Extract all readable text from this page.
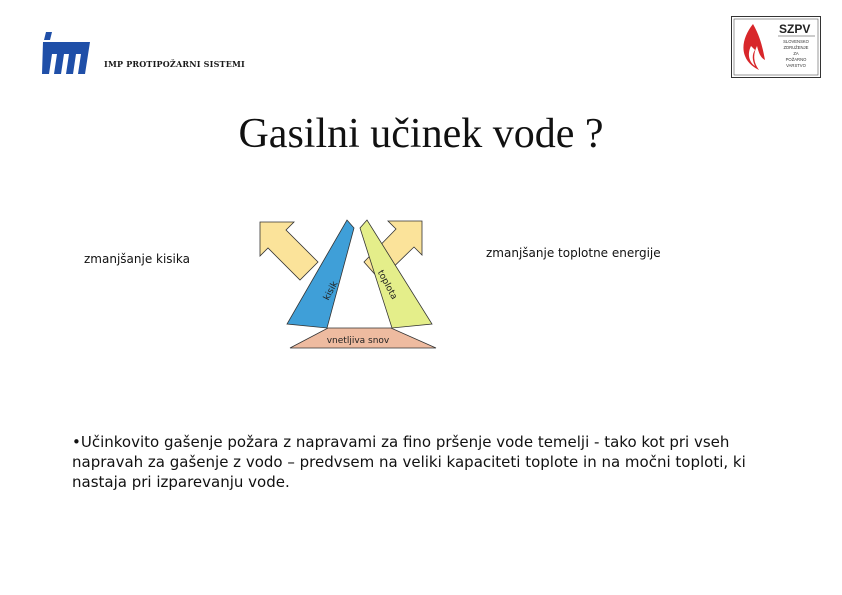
IMP PROTIPOŽARNI SISTEMI
SZPV
SLOVENSKO
ZDRUŽENJE
ZA
POŽARNO
VARSTVO
Gasilni učinek vode ?
kisik	toplota
vnetljiva snov
zmanjšanje kisika	zmanjšanje toplotne energije

•Učinkovito gašenje požara z napravami za fino pršenje vode temelji - tako kot pri vseh napravah za gašenje z vodo – predvsem na veliki kapaciteti toplote in na močni toploti, ki nastaja pri izparevanju vode.
